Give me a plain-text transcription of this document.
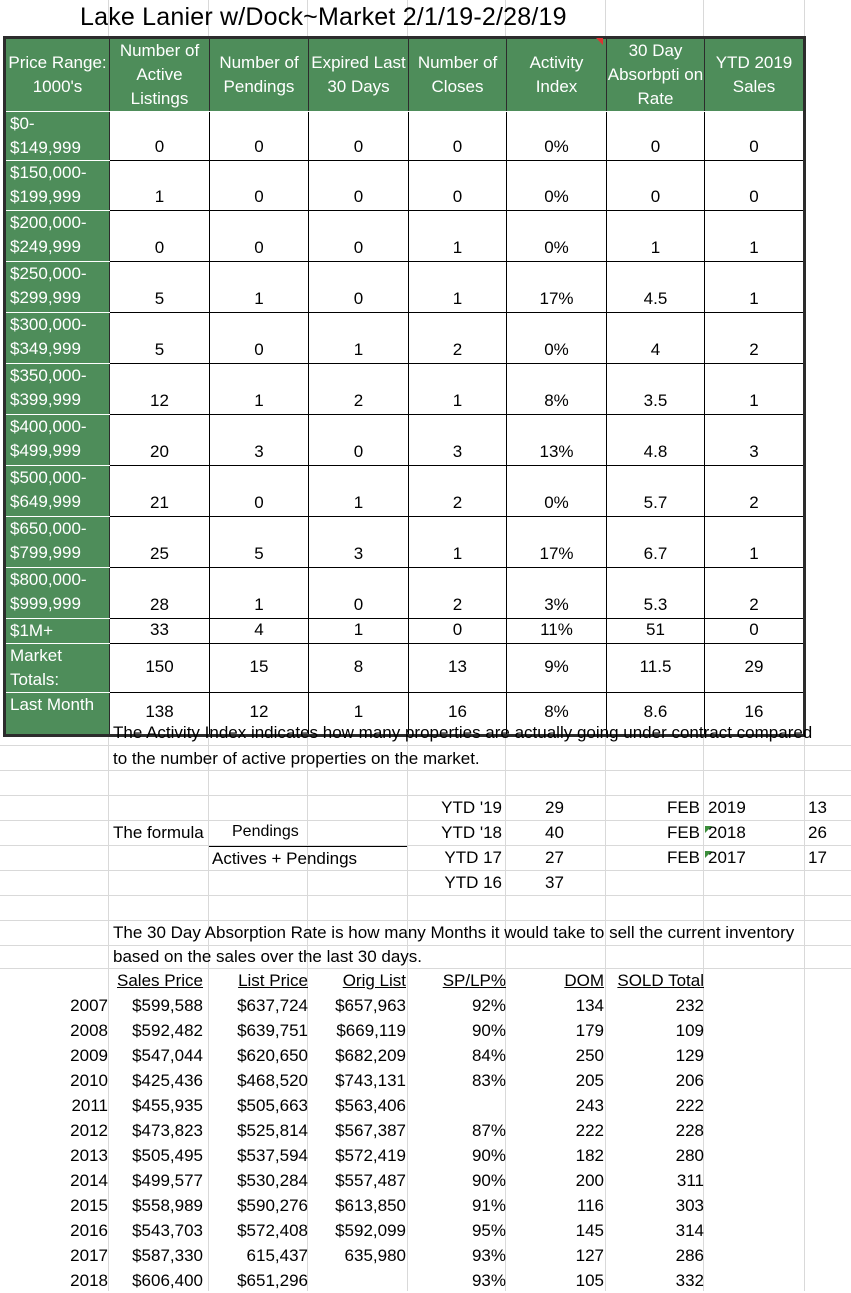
Lake Lanier w/Dock~Market 2/1/19-2/28/19
Price Range: 1000's	Number of Active Listings	Number of Pendings	Expired Last 30 Days	Number of Closes	Activity Index	30 Day Absorbpti on Rate	YTD 2019 Sales
$0- $149,999	0	0	0	0	0%	0	0
$150,000- $199,999	1	0	0	0	0%	0	0
$200,000- $249,999	0	0	0	1	0%	1	1
$250,000- $299,999	5	1	0	1	17%	4.5	1
$300,000- $349,999	5	0	1	2	0%	4	2
$350,000- $399,999	12	1	2	1	8%	3.5	1
$400,000- $499,999	20	3	0	3	13%	4.8	3
$500,000- $649,999	21	0	1	2	0%	5.7	2
$650,000- $799,999	25	5	3	1	17%	6.7	1
$800,000- $999,999	28	1	0	2	3%	5.3	2
$1M+	33	4	1	0	11%	51	0
Market Totals:	150	15	8	13	9%	11.5	29
Last Month	138	12	1	16	8%	8.6	16
The Activity Index indicates how many properties are actually going under contract compared to the number of active properties on the market.
The formula Pendings
Actives + Pendings
YTD '19	29
YTD '18	40
YTD 17	27
YTD 16	37
FEB 2019	13
FEB 2018	26
FEB 2017	17
The 30 Day Absorption Rate is how many Months it would take to sell the current inventory based on the sales over the last 30 days.
	Sales Price	List Price	Orig List	SP/LP%	DOM	SOLD Total
2007	$599,588	$637,724	$657,963	92%	134	232
2008	$592,482	$639,751	$669,119	90%	179	109
2009	$547,044	$620,650	$682,209	84%	250	129
2010	$425,436	$468,520	$743,131	83%	205	206
2011	$455,935	$505,663	$563,406		243	222
2012	$473,823	$525,814	$567,387	87%	222	228
2013	$505,495	$537,594	$572,419	90%	182	280
2014	$499,577	$530,284	$557,487	90%	200	311
2015	$558,989	$590,276	$613,850	91%	116	303
2016	$543,703	$572,408	$592,099	95%	145	314
2017	$587,330	615,437	635,980	93%	127	286
2018	$606,400	$651,296		93%	105	332
